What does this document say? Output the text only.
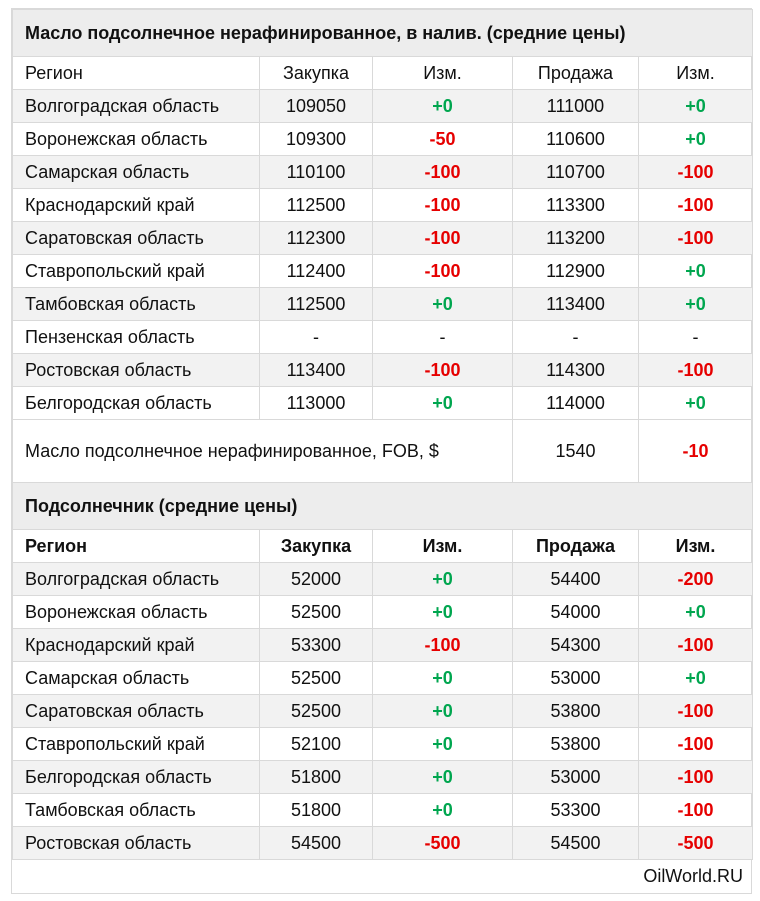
Масло подсолнечное нерафинированное, в налив. (средние цены)				
Регион	Закупка	Изм.	Продажа	Изм.
Волгоградская область	109050	+0	111000	+0
Воронежская область	109300	-50	110600	+0
Самарская область	110100	-100	110700	-100
Краснодарский край	112500	-100	113300	-100
Саратовская область	112300	-100	113200	-100
Ставропольский край	112400	-100	112900	+0
Тамбовская область	112500	+0	113400	+0
Пензенская область	-	-	-	-
Ростовская область	113400	-100	114300	-100
Белгородская область	113000	+0	114000	+0
Масло подсолнечное нерафинированное, FOB, $			1540	-10
Подсолнечник (средние цены)				
Регион	Закупка	Изм.	Продажа	Изм.
Волгоградская область	52000	+0	54400	-200
Воронежская область	52500	+0	54000	+0
Краснодарский край	53300	-100	54300	-100
Самарская область	52500	+0	53000	+0
Саратовская область	52500	+0	53800	-100
Ставропольский край	52100	+0	53800	-100
Белгородская область	51800	+0	53000	-100
Тамбовская область	51800	+0	53300	-100
Ростовская область	54500	-500	54500	-500
OilWorld.RU
